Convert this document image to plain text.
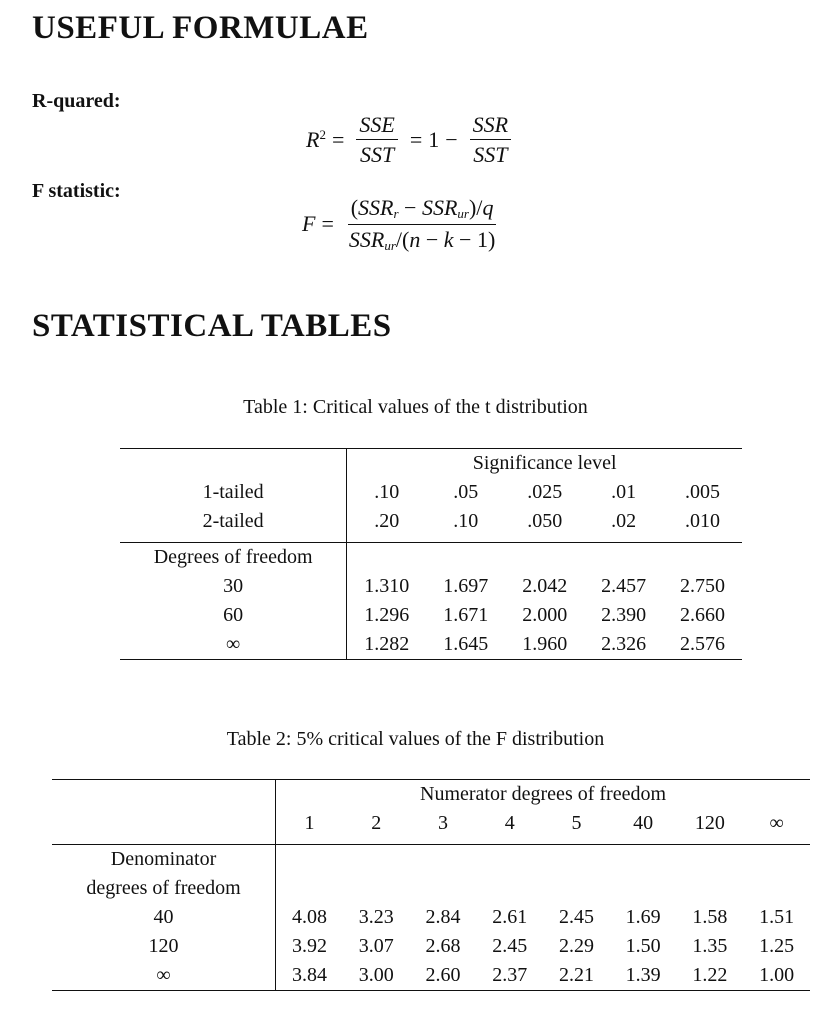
USEFUL FORMULAE
R-quared:
$R^2 = \frac{\text{SSE}}{\text{SST}} = 1 - \frac{\text{SSR}}{\text{SST}}$
F statistic:
$F = \frac{(SSR_r - SSR_{ur})/q}{SSR_{ur}/(n - k - 1)}$
STATISTICAL TABLES
Table 1: Critical values of the t distribution
	Significance level				
1-tailed	.10	.05	.025	.01	.005
2-tailed	.20	.10	.050	.02	.010

Degrees of freedom					
30	1.310	1.697	2.042	2.457	2.750
60	1.296	1.671	2.000	2.390	2.660
∞	1.282	1.645	1.960	2.326	2.576
Table 2: 5% critical values of the F distribution
	Numerator degrees of freedom							
	1	2	3	4	5	40	120	∞

Denominator								
degrees of freedom								
40	4.08	3.23	2.84	2.61	2.45	1.69	1.58	1.51
120	3.92	3.07	2.68	2.45	2.29	1.50	1.35	1.25
∞	3.84	3.00	2.60	2.37	2.21	1.39	1.22	1.00
